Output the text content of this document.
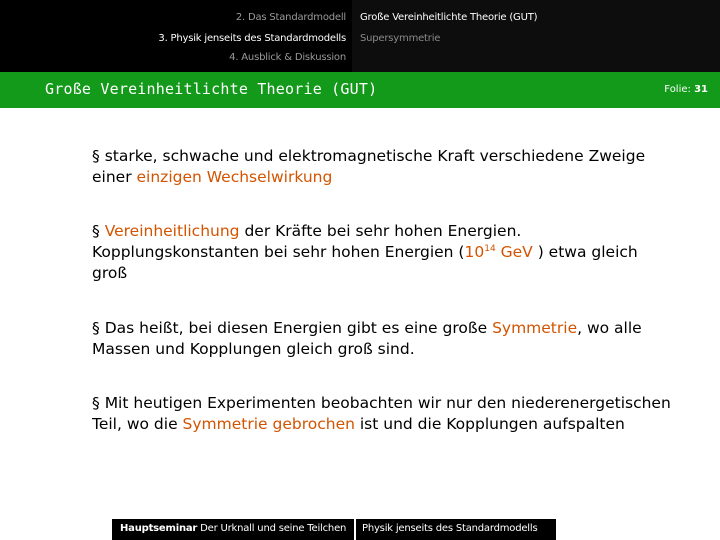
2. Das Standardmodell
3. Physik jenseits des Standardmodells
4. Ausblick & Diskussion
Große Vereinheitlichte Theorie (GUT)
Supersymmetrie
Große Vereinheitlichte Theorie (GUT)	Folie: 31
§ starke, schwache und elektromagnetische Kraft verschiedene Zweige einer einzigen Wechselwirkung
§ Vereinheitlichung der Kräfte bei sehr hohen Energien. Kopplungskonstanten bei sehr hohen Energien ($10^{14}$ GeV ) etwa gleich groß
§ Das heißt, bei diesen Energien gibt es eine große Symmetrie, wo alle Massen und Kopplungen gleich groß sind.
§ Mit heutigen Experimenten beobachten wir nur den niederenergetischen Teil, wo die Symmetrie gebrochen ist und die Kopplungen aufspalten
Hauptseminar Der Urknall und seine Teilchen Physik jenseits des Standardmodells
